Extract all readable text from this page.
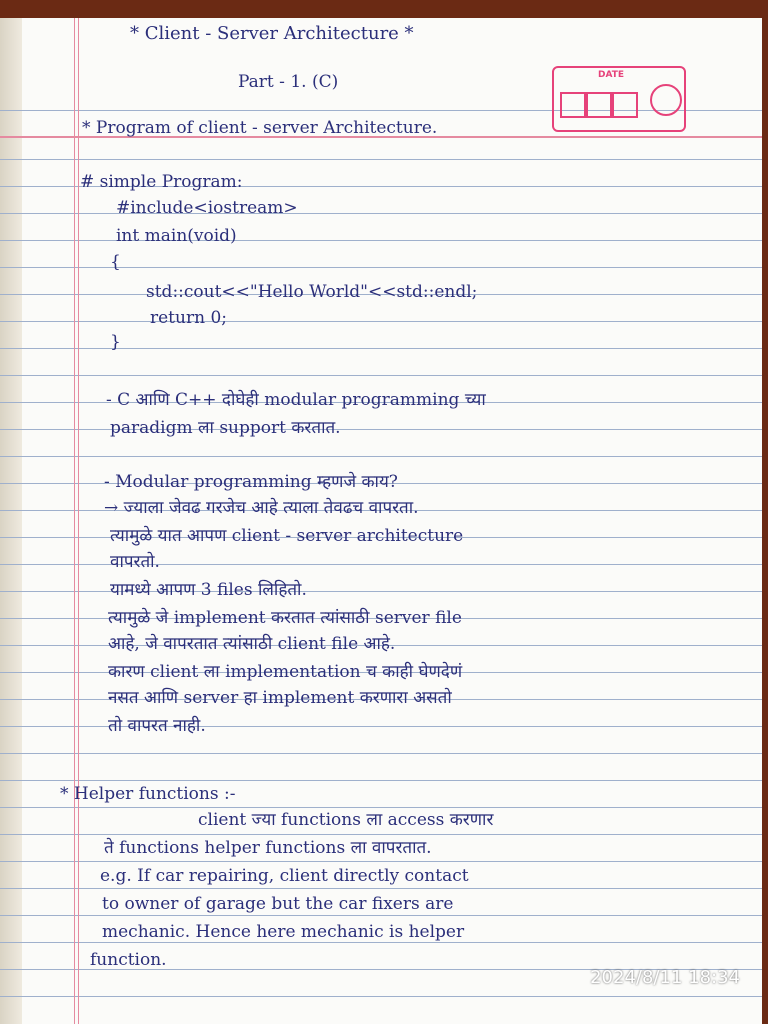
DATE
* Client - Server Architecture *
Part - 1. (C)
* Program of client - server Architecture.
# simple Program:
#include<iostream>
int main(void)
{
std::cout<<"Hello World"<<std::endl;
return 0;
}
- C आणि C++ दोघेही modular programming च्या
paradigm ला support करतात.
- Modular programming म्हणजे काय?
→ ज्याला जेवढ गरजेच आहे त्याला तेवढच वापरता.
त्यामुळे यात आपण client - server architecture
वापरतो.
यामध्ये आपण 3 files लिहितो.
त्यामुळे जे implement करतात त्यांसाठी server file
आहे, जे वापरतात त्यांसाठी client file आहे.
कारण client ला implementation च काही घेणदेणं
नसत आणि server हा implement करणारा असतो
तो वापरत नाही.
* Helper functions :-
client ज्या functions ला access करणार
ते functions helper functions ला वापरतात.
e.g. If car repairing, client directly contact
to owner of garage but the car fixers are
mechanic. Hence here mechanic is helper
function.
2024/8/11 18:34
